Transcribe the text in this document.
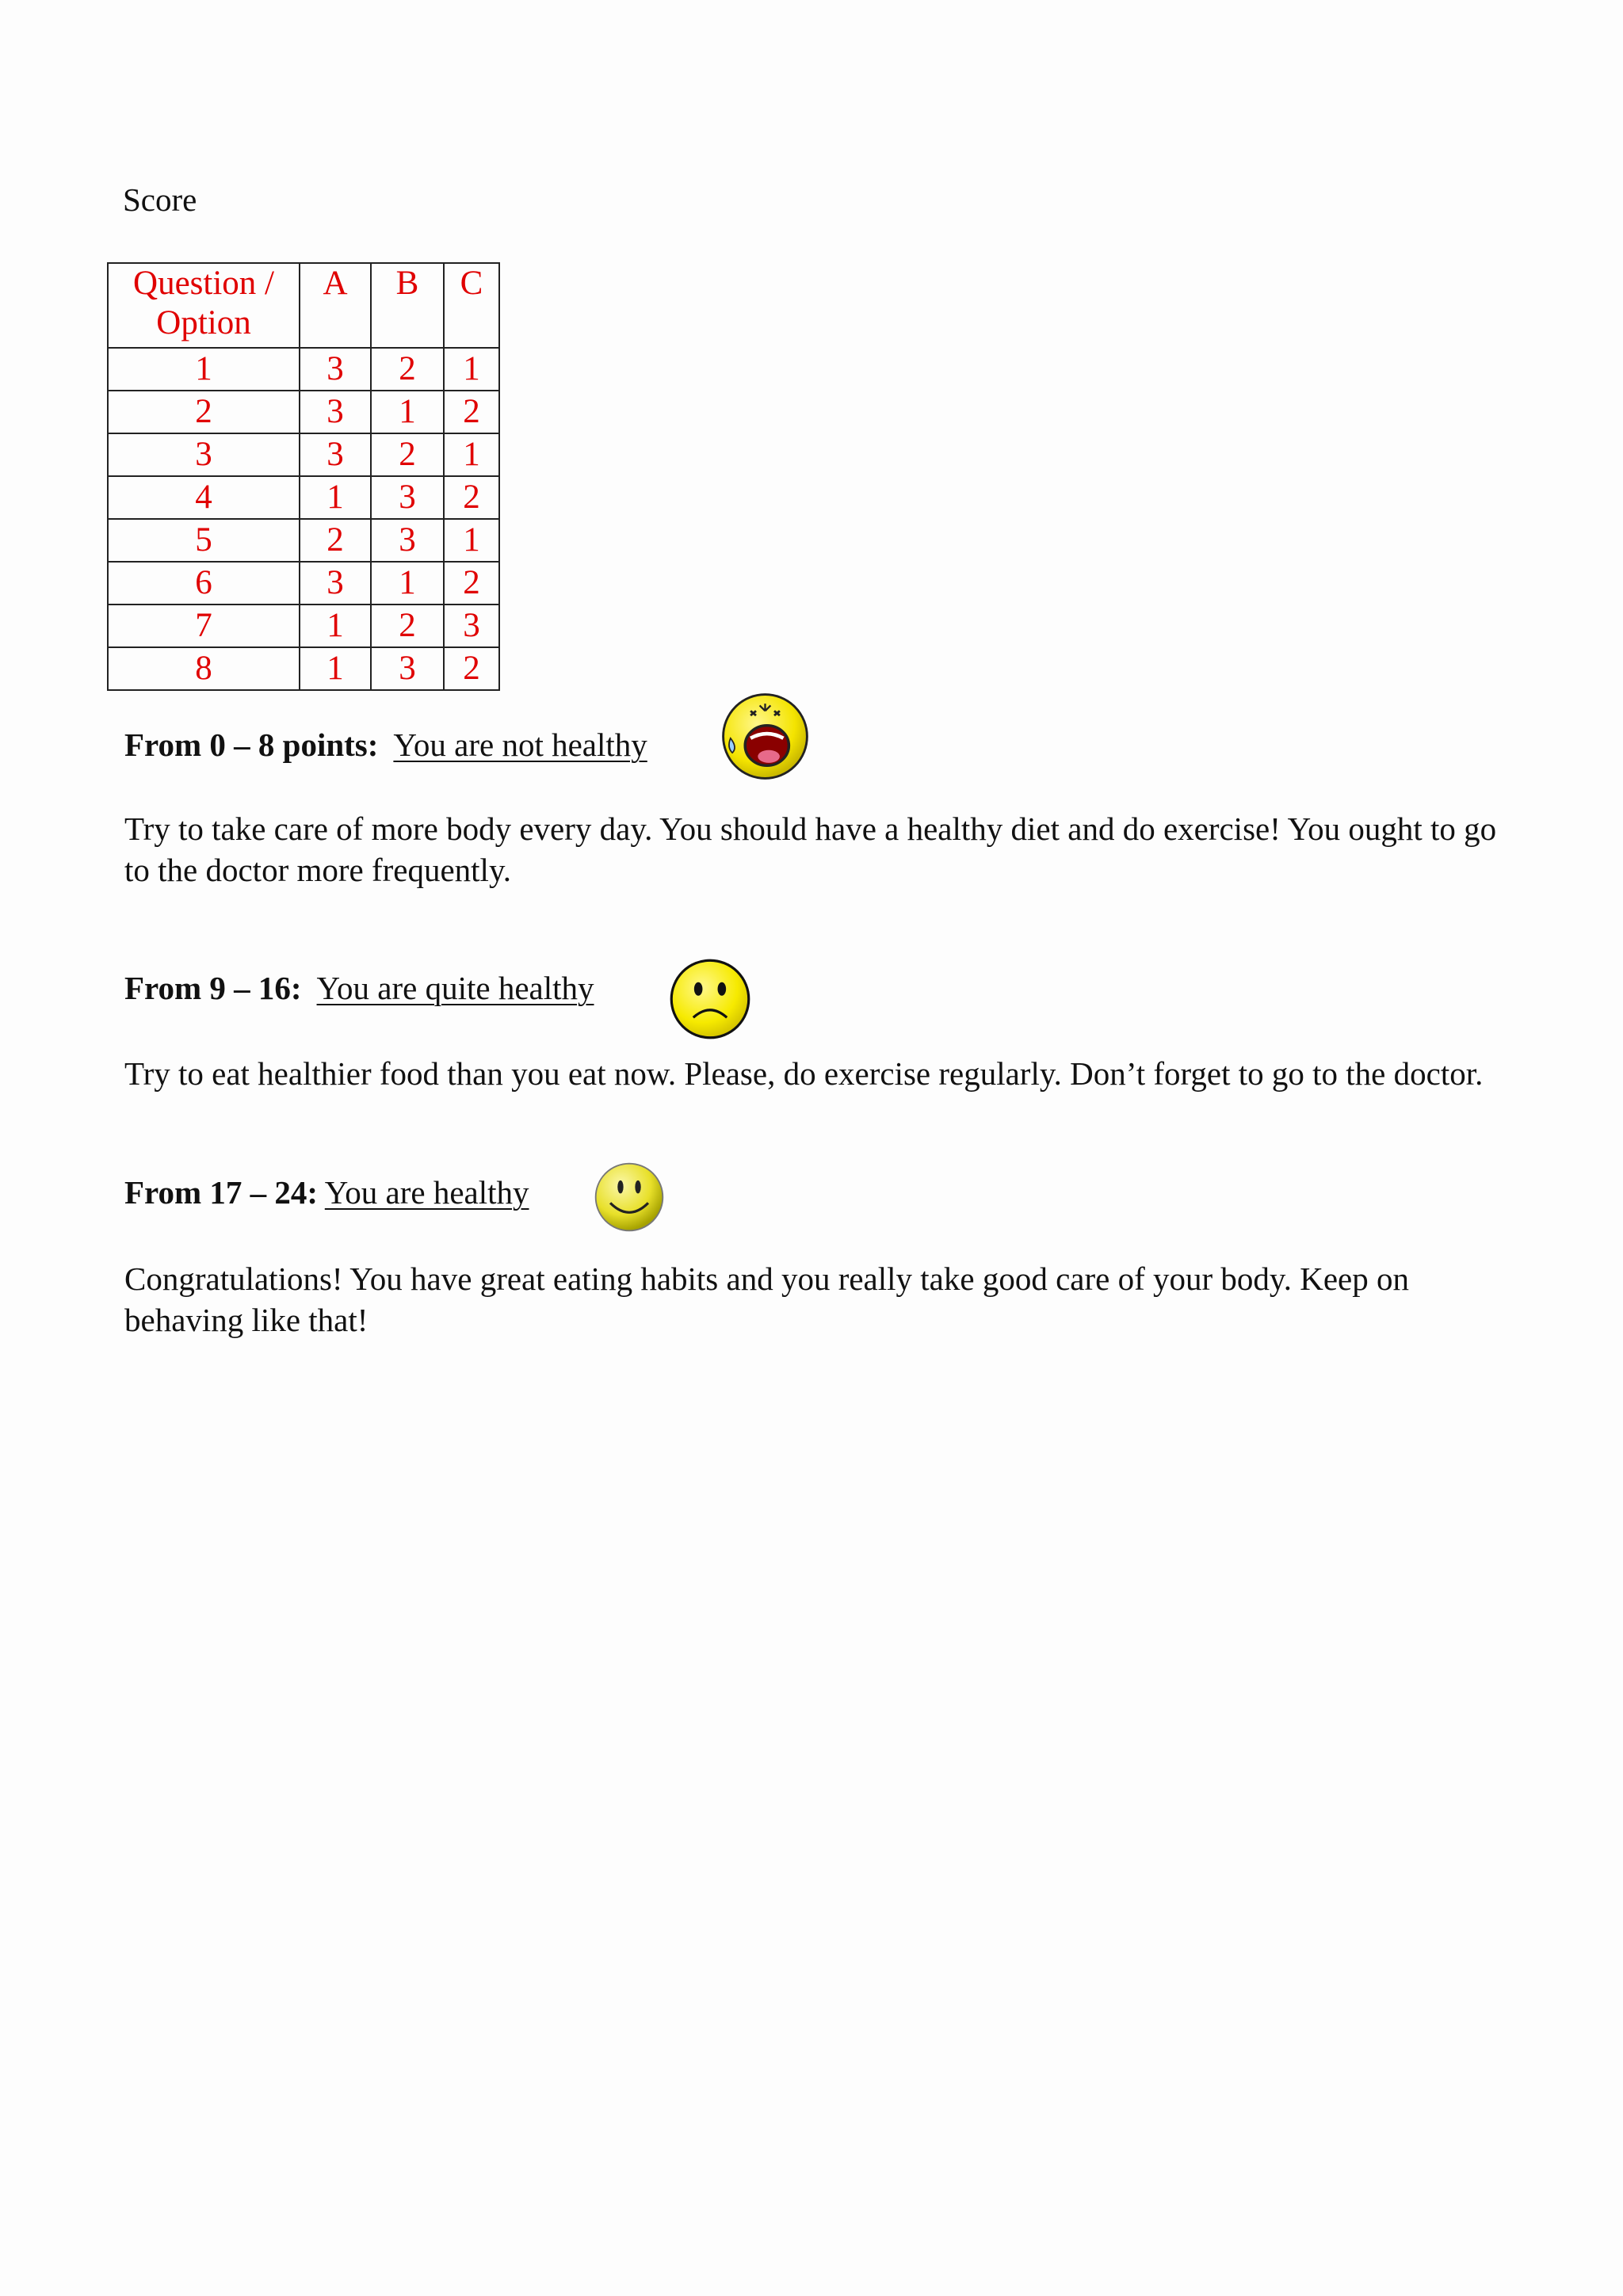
Score
Question / Option	A	B	C
1	3	2	1
2	3	1	2
3	3	2	1
4	1	3	2
5	2	3	1
6	3	1	2
7	1	2	3
8	1	3	2
From 0 – 8 points: You are not healthy
Try to take care of more body every day. You should have a healthy diet and do exercise! You ought to go to the doctor more frequently.
From 9 – 16: You are quite healthy
Try to eat healthier food than you eat now. Please, do exercise regularly. Don’t forget to go to the doctor.
From 17 – 24: You are healthy
Congratulations! You have great eating habits and you really take good care of your body. Keep on behaving like that!
